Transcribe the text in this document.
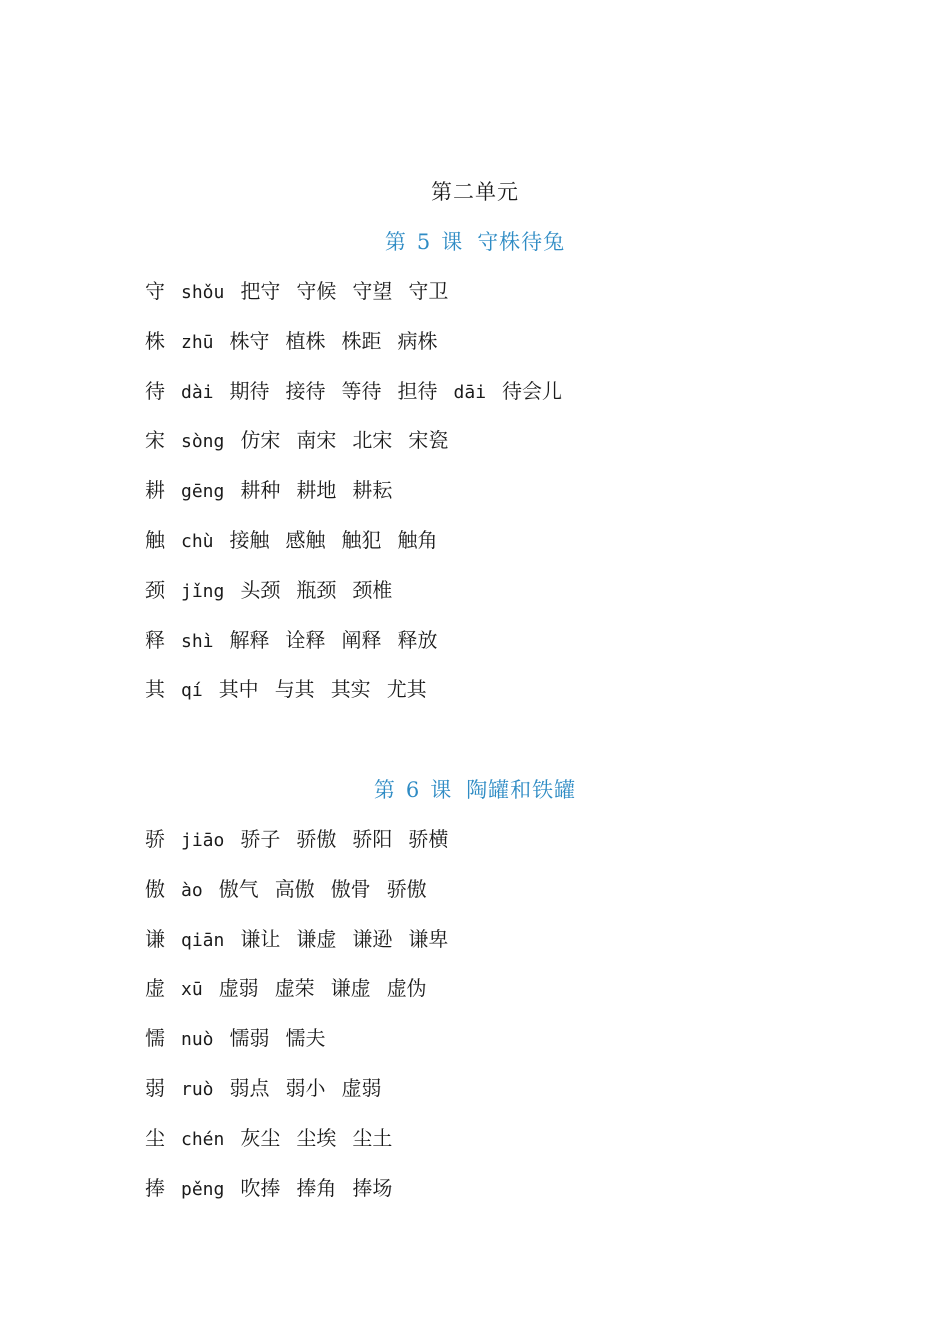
第二单元
第 5 课 守株待兔
守 shǒu 把守 守候 守望 守卫
株 zhū 株守 植株 株距 病株
待 dài 期待 接待 等待 担待 dāi 待会儿
宋 sòng 仿宋 南宋 北宋 宋瓷
耕 gēng 耕种 耕地 耕耘
触 chù 接触 感触 触犯 触角
颈 jǐng 头颈 瓶颈 颈椎
释 shì 解释 诠释 阐释 释放
其 qí 其中 与其 其实 尤其
第 6 课 陶罐和铁罐
骄 jiāo 骄子 骄傲 骄阳 骄横
傲 ào 傲气 高傲 傲骨 骄傲
谦 qiān 谦让 谦虚 谦逊 谦卑
虚 xū 虚弱 虚荣 谦虚 虚伪
懦 nuò 懦弱 懦夫
弱 ruò 弱点 弱小 虚弱
尘 chén 灰尘 尘埃 尘土
捧 pěng 吹捧 捧角 捧场
